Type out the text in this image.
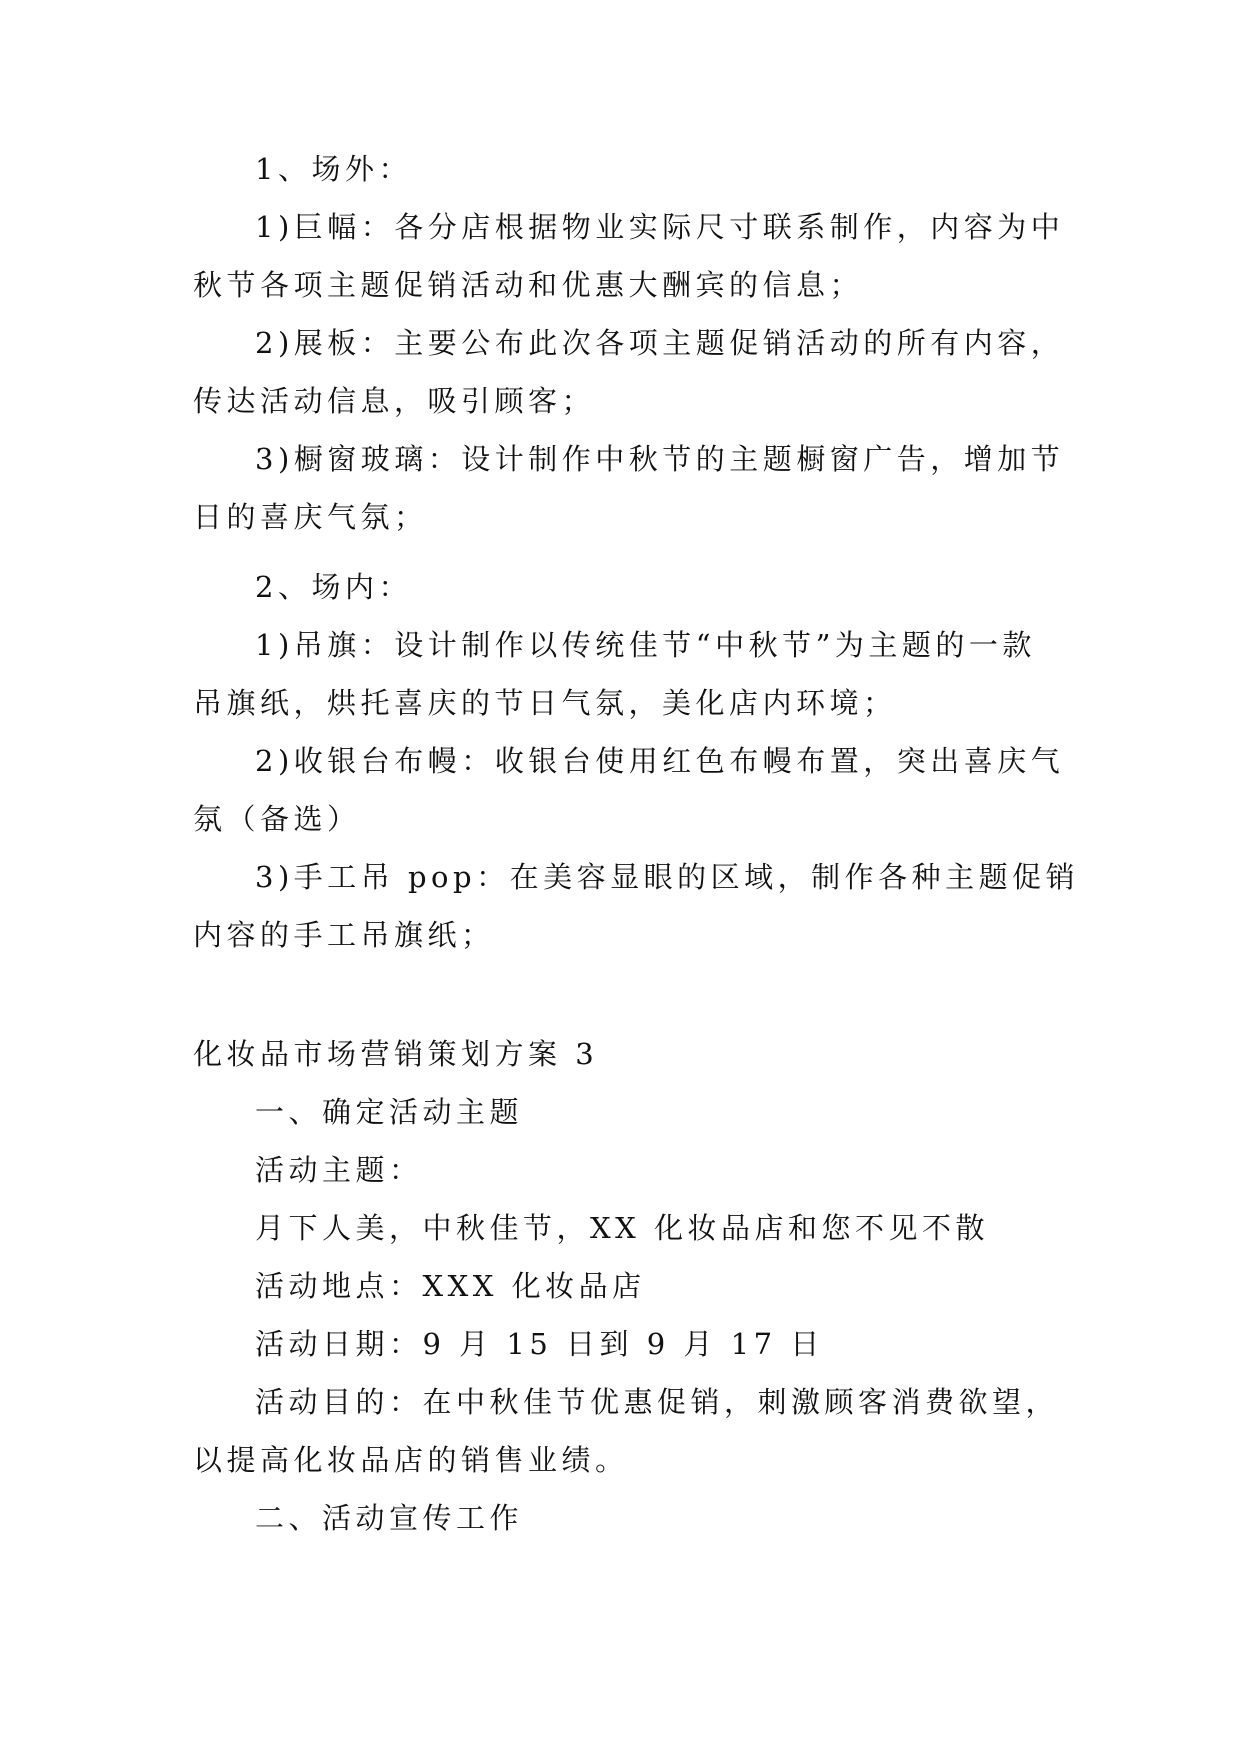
1、场外：
1)巨幅：各分店根据物业实际尺寸联系制作，内容为中
秋节各项主题促销活动和优惠大酬宾的信息；
2)展板：主要公布此次各项主题促销活动的所有内容，
传达活动信息，吸引顾客；
3)橱窗玻璃：设计制作中秋节的主题橱窗广告，增加节
日的喜庆气氛；
2、场内：
1)吊旗：设计制作以传统佳节“中秋节”为主题的一款
吊旗纸，烘托喜庆的节日气氛，美化店内环境；
2)收银台布幔：收银台使用红色布幔布置，突出喜庆气
氛（备选）
3)手工吊 pop：在美容显眼的区域，制作各种主题促销
内容的手工吊旗纸；
化妆品市场营销策划方案 3
一、确定活动主题
活动主题：
月下人美，中秋佳节，XX 化妆品店和您不见不散
活动地点：XXX 化妆品店
活动日期：9 月 15 日到 9 月 17 日
活动目的：在中秋佳节优惠促销，刺激顾客消费欲望，
以提高化妆品店的销售业绩。
二、活动宣传工作
